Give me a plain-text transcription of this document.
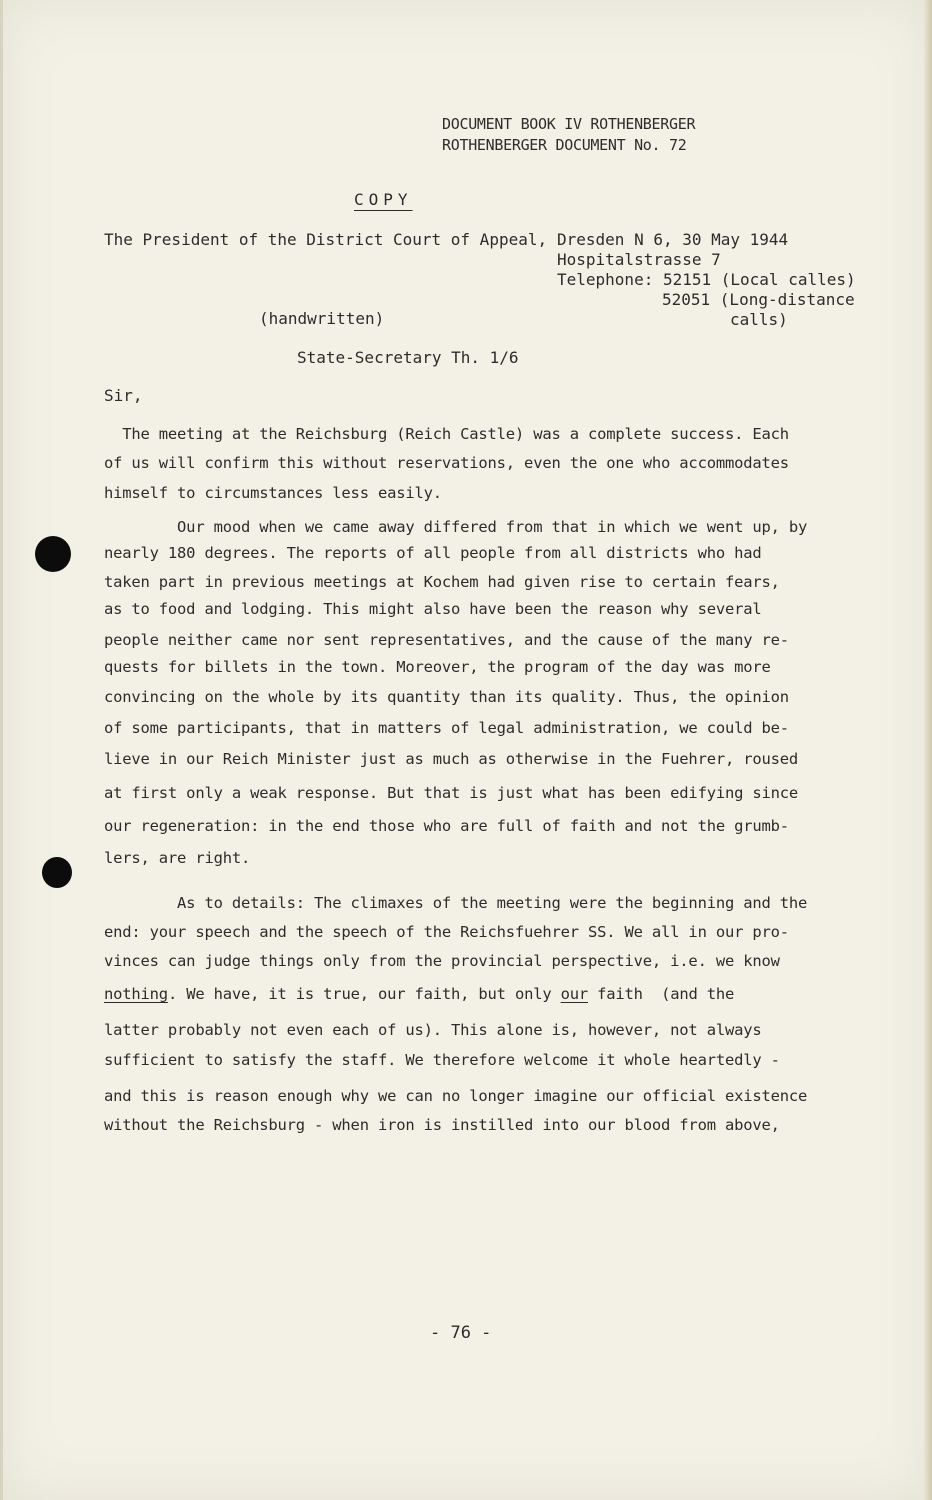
DOCUMENT BOOK IV ROTHENBERGER
ROTHENBERGER DOCUMENT No. 72
COPY
The President of the District Court of Appeal, Dresden N 6, 30 May 1944
Hospitalstrasse 7
Telephone: 52151 (Local calles)
52051 (Long-distance
calls)
(handwritten)
State-Secretary Th. 1/6
Sir,
The meeting at the Reichsburg (Reich Castle) was a complete success. Each
of us will confirm this without reservations, even the one who accommodates
himself to circumstances less easily.
Our mood when we came away differed from that in which we went up, by
nearly 180 degrees. The reports of all people from all districts who had
taken part in previous meetings at Kochem had given rise to certain fears,
as to food and lodging. This might also have been the reason why several
people neither came nor sent representatives, and the cause of the many re-
quests for billets in the town. Moreover, the program of the day was more
convincing on the whole by its quantity than its quality. Thus, the opinion
of some participants, that in matters of legal administration, we could be-
lieve in our Reich Minister just as much as otherwise in the Fuehrer, roused
at first only a weak response. But that is just what has been edifying since
our regeneration: in the end those who are full of faith and not the grumb-
lers, are right.
As to details: The climaxes of the meeting were the beginning and the
end: your speech and the speech of the Reichsfuehrer SS. We all in our pro-
vinces can judge things only from the provincial perspective, i.e. we know
nothing. We have, it is true, our faith, but only our faith  (and the
latter probably not even each of us). This alone is, however, not always
sufficient to satisfy the staff. We therefore welcome it whole heartedly -
and this is reason enough why we can no longer imagine our official existence
without the Reichsburg - when iron is instilled into our blood from above,
- 76 -
